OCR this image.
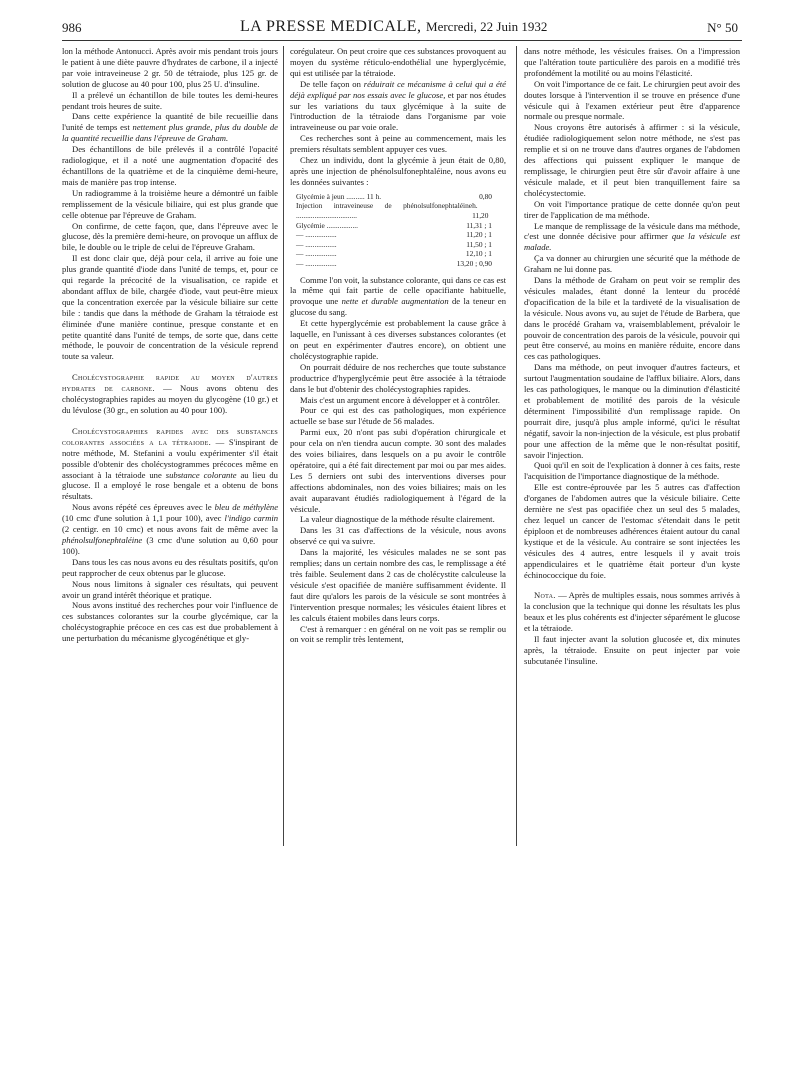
986	LA PRESSE MEDICALE, Mercredi, 22 Juin 1932	N° 50

lon la méthode Antonucci. Après avoir mis pendant trois jours le patient à une diète pauvre d'hydrates de carbone, il a injecté par voie intraveineuse 2 gr. 50 de tétraiode, plus 125 gr. de solution de glucose au 40 pour 100, plus 25 U. d'insuline.

Il a prélevé un échantillon de bile toutes les demi-heures pendant trois heures de suite.

Dans cette expérience la quantité de bile recueillie dans l'unité de temps est nettement plus grande, plus du double de la quantité recueillie dans l'épreuve de Graham.

Des échantillons de bile prélevés il a contrôlé l'opacité radiologique, et il a noté une augmentation d'opacité des échantillons de la quatrième et de la cinquième demi-heure, mais de manière pas trop intense.

Un radiogramme à la troisième heure a démontré un faible remplissement de la vésicule biliaire, qui est plus grande que celle obtenue par l'épreuve de Graham.

On confirme, de cette façon, que, dans l'épreuve avec le glucose, dès la première demi-heure, on provoque un afflux de bile, le double ou le triple de celui de l'épreuve Graham.

Il est donc clair que, déjà pour cela, il arrive au foie une plus grande quantité d'iode dans l'unité de temps, et, pour ce qui regarde la précocité de la visualisation, ce rapide et abondant afflux de bile, chargée d'iode, vaut peut-être mieux que la concentration exercée par la vésicule biliaire sur cette bile : tandis que dans la méthode de Graham la tétraiode est éliminée d'une manière continue, presque constante et en petite quantité dans l'unité de temps, de sorte que, dans cette méthode, le pouvoir de concentration de la vésicule reprend toute sa valeur.

Cholécystographie rapide au moyen d'autres hydrates de carbone. — Nous avons obtenu des cholécystographies rapides au moyen du glycogène (10 gr.) et du lévulose (30 gr., en solution au 40 pour 100).

Cholécystographies rapides avec des substances colorantes associées a la tétraiode. — S'inspirant de notre méthode, M. Stefanini a voulu expérimenter s'il était possible d'obtenir des cholécystogrammes précoces même en associant à la tétraiode une substance colorante au lieu du glucose. Il a employé le rose bengale et a obtenu de bons résultats.

Nous avons répété ces épreuves avec le bleu de méthylène (10 cmc d'une solution à 1,1 pour 100), avec l'indigo carmin (2 centigr. en 10 cmc) et nous avons fait de même avec la phénolsulfonephtaléine (3 cmc d'une solution au 0,60 pour 100).

Dans tous les cas nous avons eu des résultats positifs, qu'on peut rapprocher de ceux obtenus par le glucose.

Nous nous limitons à signaler ces résultats, qui peuvent avoir un grand intérêt théorique et pratique.

Nous avons institué des recherches pour voir l'influence de ces substances colorantes sur la courbe glycémique, car la cholécystographie précoce en ces cas est due probablement à une perturbation du mécanisme glycogénétique et gly-

corégulateur. On peut croire que ces substances provoquent au moyen du système réticulo-endothélial une hyperglycémie, qui est utilisée par la tétraiode.

De telle façon on réduirait ce mécanisme à celui qui a été déjà expliqué par nos essais avec le glucose, et par nos études sur les variations du taux glycémique à la suite de l'introduction de la tétraiode dans l'organisme par voie intraveineuse ou par voie orale.

Ces recherches sont à peine au commencement, mais les premiers résultats semblent appuyer ces vues.

Chez un individu, dont la glycémie à jeun était de 0,80, après une injection de phénolsulfonephtaléine, nous avons eu les données suivantes :

Glycémie à jeun .......... 11 h.	0,80
Injection intraveineuse de phénolsulfonephtaléine .................................
h. 11,20
Glycémie .................	11,31 ; 1
— .................	11,20 ; 1
— .................	11,50 ; 1
— .................	12,10 ; 1
— .................	13,20 ; 0,90

Comme l'on voit, la substance colorante, qui dans ce cas est la même qui fait partie de celle opacifiante habituelle, provoque une nette et durable augmentation de la teneur en glucose du sang.

Et cette hyperglycémie est probablement la cause grâce à laquelle, en l'unissant à ces diverses substances colorantes (et on peut en expérimenter d'autres encore), on obtient une cholécystographie rapide.

On pourrait déduire de nos recherches que toute substance productrice d'hyperglycémie peut être associée à la tétraiode dans le but d'obtenir des cholécystographies rapides.

Mais c'est un argument encore à développer et à contrôler.

Pour ce qui est des cas pathologiques, mon expérience actuelle se base sur l'étude de 56 malades.

Parmi eux, 20 n'ont pas subi d'opération chirurgicale et pour cela on n'en tiendra aucun compte. 30 sont des malades des voies biliaires, dans lesquels on a pu avoir le contrôle opératoire, qui a été fait directement par moi ou par mes aides. Les 5 derniers ont subi des interventions diverses pour affections abdominales, non des voies biliaires; mais on les avait auparavant étudiés radiologiquement à l'égard de la vésicule.

La valeur diagnostique de la méthode résulte clairement.

Dans les 31 cas d'affections de la vésicule, nous avons observé ce qui va suivre.

Dans la majorité, les vésicules malades ne se sont pas remplies; dans un certain nombre des cas, le remplissage a été très faible. Seulement dans 2 cas de cholécystite calculeuse la vésicule s'est opacifiée de manière suffisamment évidente. Il faut dire qu'alors les parois de la vésicule se sont montrées à l'intervention presque normales; les vésicules étaient libres et les calculs étaient mobiles dans leurs corps.

C'est à remarquer : en général on ne voit pas se remplir ou on voit se remplir très lentement,

dans notre méthode, les vésicules fraises. On a l'impression que l'altération toute particulière des parois en a modifié très profondément la motilité ou au moins l'élasticité.

On voit l'importance de ce fait. Le chirurgien peut avoir des doutes lorsque à l'intervention il se trouve en présence d'une vésicule qui à l'examen extérieur peut être d'apparence normale ou presque normale.

Nous croyons être autorisés à affirmer : si la vésicule, étudiée radiologiquement selon notre méthode, ne s'est pas remplie et si on ne trouve dans d'autres organes de l'abdomen des affections qui puissent expliquer le manque de remplissage, le chirurgien peut être sûr d'avoir affaire à une vésicule malade, et il peut bien tranquillement faire sa cholécystectomie.

On voit l'importance pratique de cette donnée qu'on peut tirer de l'application de ma méthode.

Le manque de remplissage de la vésicule dans ma méthode, c'est une donnée décisive pour affirmer que la vésicule est malade.

Ça va donner au chirurgien une sécurité que la méthode de Graham ne lui donne pas.

Dans la méthode de Graham on peut voir se remplir des vésicules malades, étant donné la lenteur du procédé d'opacification de la bile et la tardiveté de la visualisation de la vésicule. Nous avons vu, au sujet de l'étude de Barbera, que dans le procédé Graham va, vraisemblablement, prévaloir le pouvoir de concentration des parois de la vésicule, pouvoir qui peut être conservé, au moins en manière réduite, encore dans ces cas pathologiques.

Dans ma méthode, on peut invoquer d'autres facteurs, et surtout l'augmentation soudaine de l'afflux biliaire. Alors, dans les cas pathologiques, le manque ou la diminution d'élasticité et probablement de motilité des parois de la vésicule déterminent l'impossibilité d'un remplissage rapide. On pourrait dire, jusqu'à plus ample informé, qu'ici le résultat négatif, savoir la non-injection de la vésicule, est plus probatif pour une affection de la même que le non-résultat positif, savoir l'injection.

Quoi qu'il en soit de l'explication à donner à ces faits, reste l'acquisition de l'importance diagnostique de la méthode.

Elle est contre-éprouvée par les 5 autres cas d'affection d'organes de l'abdomen autres que la vésicule biliaire. Cette dernière ne s'est pas opacifiée chez un seul des 5 malades, chez lequel un cancer de l'estomac s'étendait dans le petit épiploon et de nombreuses adhérences étaient autour du canal kystique et de la vésicule. Au contraire se sont injectées les vésicules des 4 autres, entre lesquels il y avait trois appendiculaires et le quatrième était porteur d'un kyste échinococcique du foie.

Nota. — Après de multiples essais, nous sommes arrivés à la conclusion que la technique qui donne les résultats les plus beaux et les plus cohérents est d'injecter séparément le glucose et la tétraiode.

Il faut injecter avant la solution glucosée et, dix minutes après, la tétraiode. Ensuite on peut injecter par voie subcutanée l'insuline.
